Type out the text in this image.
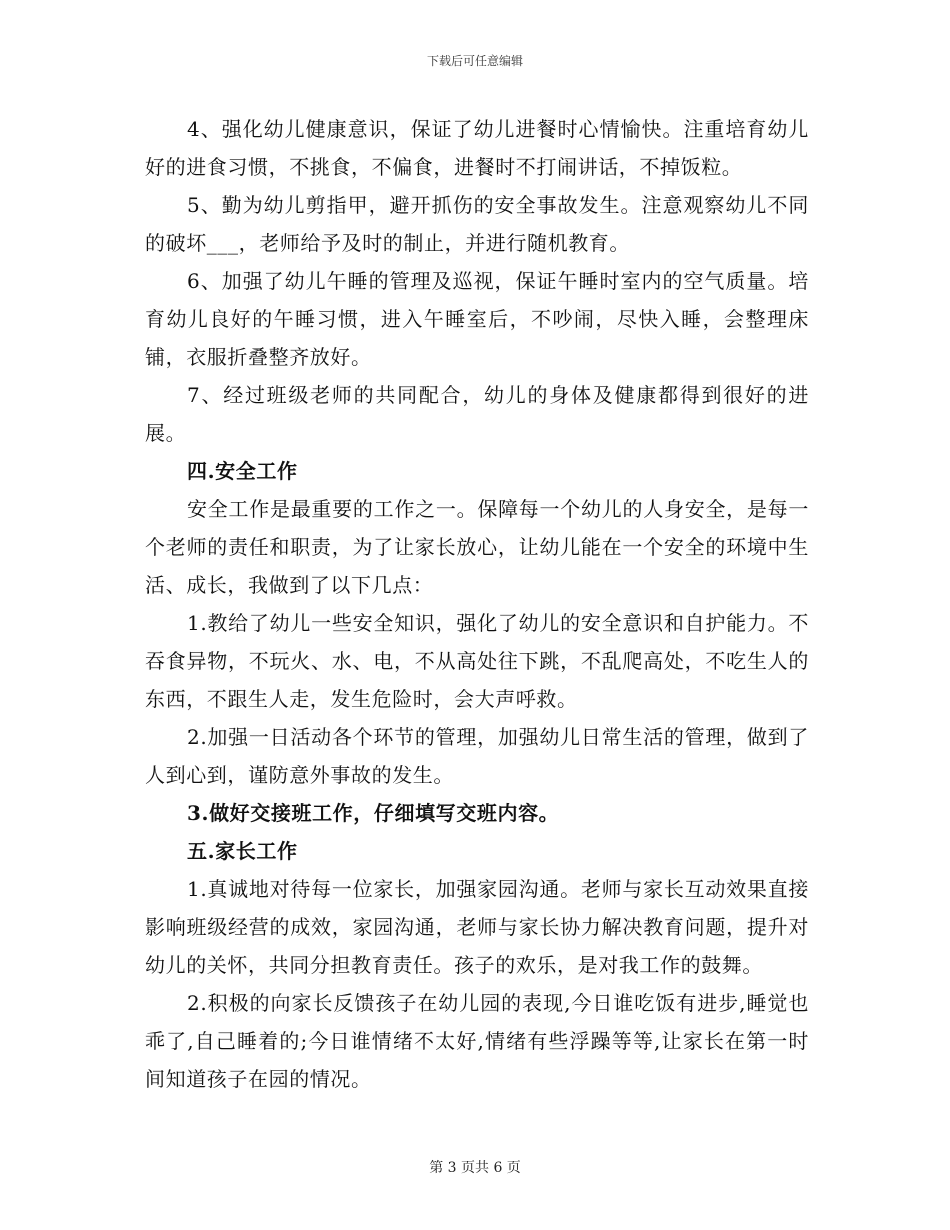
下载后可任意编辑

4、强化幼儿健康意识，保证了幼儿进餐时心情愉快。注重培育幼儿好的进食习惯，不挑食，不偏食，进餐时不打闹讲话，不掉饭粒。

5、勤为幼儿剪指甲，避开抓伤的安全事故发生。注意观察幼儿不同的破坏___，老师给予及时的制止，并进行随机教育。

6、加强了幼儿午睡的管理及巡视，保证午睡时室内的空气质量。培育幼儿良好的午睡习惯，进入午睡室后，不吵闹，尽快入睡，会整理床铺，衣服折叠整齐放好。

7、经过班级老师的共同配合，幼儿的身体及健康都得到很好的进展。

四.安全工作

安全工作是最重要的工作之一。保障每一个幼儿的人身安全，是每一个老师的责任和职责，为了让家长放心，让幼儿能在一个安全的环境中生活、成长，我做到了以下几点：

1.教给了幼儿一些安全知识，强化了幼儿的安全意识和自护能力。不吞食异物，不玩火、水、电，不从高处往下跳，不乱爬高处，不吃生人的东西，不跟生人走，发生危险时，会大声呼救。

2.加强一日活动各个环节的管理，加强幼儿日常生活的管理，做到了人到心到，谨防意外事故的发生。

3.做好交接班工作，仔细填写交班内容。

五.家长工作

1.真诚地对待每一位家长，加强家园沟通。老师与家长互动效果直接影响班级经营的成效，家园沟通，老师与家长协力解决教育问题，提升对幼儿的关怀，共同分担教育责任。孩子的欢乐，是对我工作的鼓舞。

2.积极的向家长反馈孩子在幼儿园的表现,今日谁吃饭有进步,睡觉也乖了,自己睡着的;今日谁情绪不太好,情绪有些浮躁等等,让家长在第一时间知道孩子在园的情况。

第 3 页共 6 页
